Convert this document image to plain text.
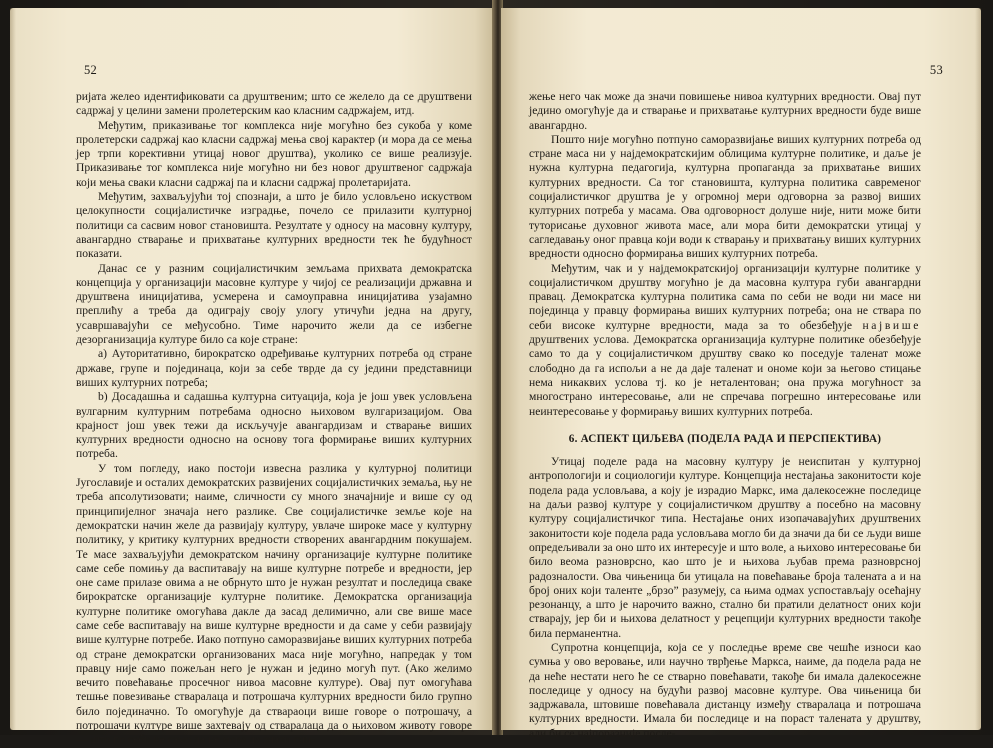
52

ријата желео идентификовати са друштвеним; што се желело да се друштвени садржај у целини замени пролетерским као класним садржајем, итд.

Међутим, приказивање тог комплекса није могућно без сукоба у коме пролетерски садржај као класни садржај мења свој карактер (и мора да се мења јер трпи корективни утицај новог друштва), уколико се више реализује. Приказивање тог комплекса није могућно ни без новог друштвеног садржаја који мења сваки класни садржај па и класни садржај пролетаријата.

Међутим, захваљујући тој спознаји, а што је било условљено искуством целокупности социјалистичке изградње, почело се прилазити културној политици са сасвим новог становишта. Резултате у односу на масовну културу, авангардно стварање и прихватање културних вредности тек ће будућност показати.

Данас се у разним социјалистичким земљама прихвата демократска концепција у организацији масовне културе у чијој се реализацији државна и друштвена иницијатива, усмерена и самоуправна иницијатива узајамно преплићу а треба да одиграју своју улогу утичући једна на другу, усавршавајући се међусобно. Тиме нарочито жели да се избегне дезорганизација културе било са које стране:

а) Ауторитативно, бирократско одређивање културних потреба од стране државе, групе и појединаца, који за себе тврде да су једини представници виших културних потреба;

b) Досадашња и садашња културна ситуација, која је још увек условљена вулгарним културним потребама односно њиховом вулгаризацијом. Ова крајност још увек тежи да искључује авангардизам и стварање виших културних вредности односно на основу тога формирање виших културних потреба.

У том погледу, иако постоји извесна разлика у културној политици Југославије и осталих демократских развијених социјалистичких земаља, њу не треба апсолутизовати; наиме, сличности су много значајније и више су од принципијелног значаја него разлике. Све социјалистичке земље које на демократски начин желе да развијају културу, увлаче широке масе у културну политику, у критику културних вредности створених авангардним покушајем. Те масе захваљујући демократском начину организације културне политике саме себе помињу да васпитавају на више културне потребе и вредности, јер оне саме прилазе овима а не обрнуто што је нужан резултат и последица сваке бирократске организације културне политике. Демократска организација културне политике омогућава дакле да засад делимично, али све више масе саме себе васпитавају на више културне вредности и да саме у себи развијају више културне потребе. Иако потпуно саморазвијање виших културних потреба од стране демократски организованих маса није могућно, напредак у том правцу није само пожељан него је нужан и једино могућ пут. (Ако желимо вечито повећавање просечног нивоа масовне културе). Овај пут омогућава тешње повезивање стваралаца и потрошача културних вредности било групно било појединачно. То омогућује да ствараоци више говоре о потрошачу, а потрошачи културе више захтевају од стваралаца да о њиховом животу говоре — што по себи не само да не мора да значи сни-

53

жење него чак може да значи повишење нивоа културних вредности. Овај пут једино омогућује да и стварање и прихватање културних вредности буде више авангардно.

Пошто није могућно потпуно саморазвијање виших културних потреба од стране маса ни у најдемократскијим облицима културне политике, и даље је нужна културна педагогија, културна пропаганда за прихватање виших културних вредности. Са тог становишта, културна политика савременог социјалистичког друштва је у огромној мери одговорна за развој виших културних потреба у масама. Ова одговорност долуше није, нити може бити туторисање духовног живота масе, али мора бити демократски утицај у сагледавању оног правца који води к стварању и прихватању виших културних вредности односно формирања виших културних потреба.

Међутим, чак и у најдемократскијој организацији културне политике у социјалистичком друштву могућно је да масовна култура губи авангардни правац. Демократска културна политика сама по себи не води ни масе ни појединца у правцу формирања виших културних потреба; она не ствара по себи високе културне вредности, мада за то обезбеђује највише друштвених услова. Демократска организација културне политике обезбеђује само то да у социјалистичком друштву свако ко поседује таленат може слободно да га испољи а не да даје таленат и ономе који за његово стицање нема никаквих услова тј. ко је неталентован; она пружа могућност за многострано интересовање, али не спречава погрешно интересовање или неинтересовање у формирању виших културних потреба.

6. АСПЕКТ ЦИЉЕВА (ПОДЕЛА РАДА И ПЕРСПЕКТИВА)

Утицај поделе рада на масовну културу је неиспитан у културној антропологији и социологији културе. Концепција нестајања законитости које подела рада условљава, а коју је изрaдио Маркс, има далекосежне последице на даљи развој културе у социјалистичком друштву а посебно на масовну културу социјалистичког типа. Нестајање оних изопачавајућих друштвених законитости које подела рада условљава могло би да значи да би се људи више опредељивали за оно што их интересује и што воле, а њихово интересовање би било веома разнoврсно, као што је и њихова љубав према разноврсној радозналости. Ова чињеница би утицала на повећавање броја талената а и на број оних који таленте „брзо” разумеју, са њима одмах успостављају осећајну резонанцу, а што је нарочито важно, стално би пратили делатност оних који стварају, јер би и њихова делатност у рецепцији културних вредности такође била перманентна.

Супротна концепција, која се у последње време све чешће износи као сумња у ово веровање, или научно тврђење Маркса, наиме, да подела рада не да неће нестати него ће се стварно повећавати, такође би имала далекосежне последице у односу на будући развој масовне културе. Ова чињеница би задржавала, штовише повећавала дистанцу између стваралаца и потрошача културних вредности. Имала би последице и на пораст талената у друштву, али би се најпоразније после-
